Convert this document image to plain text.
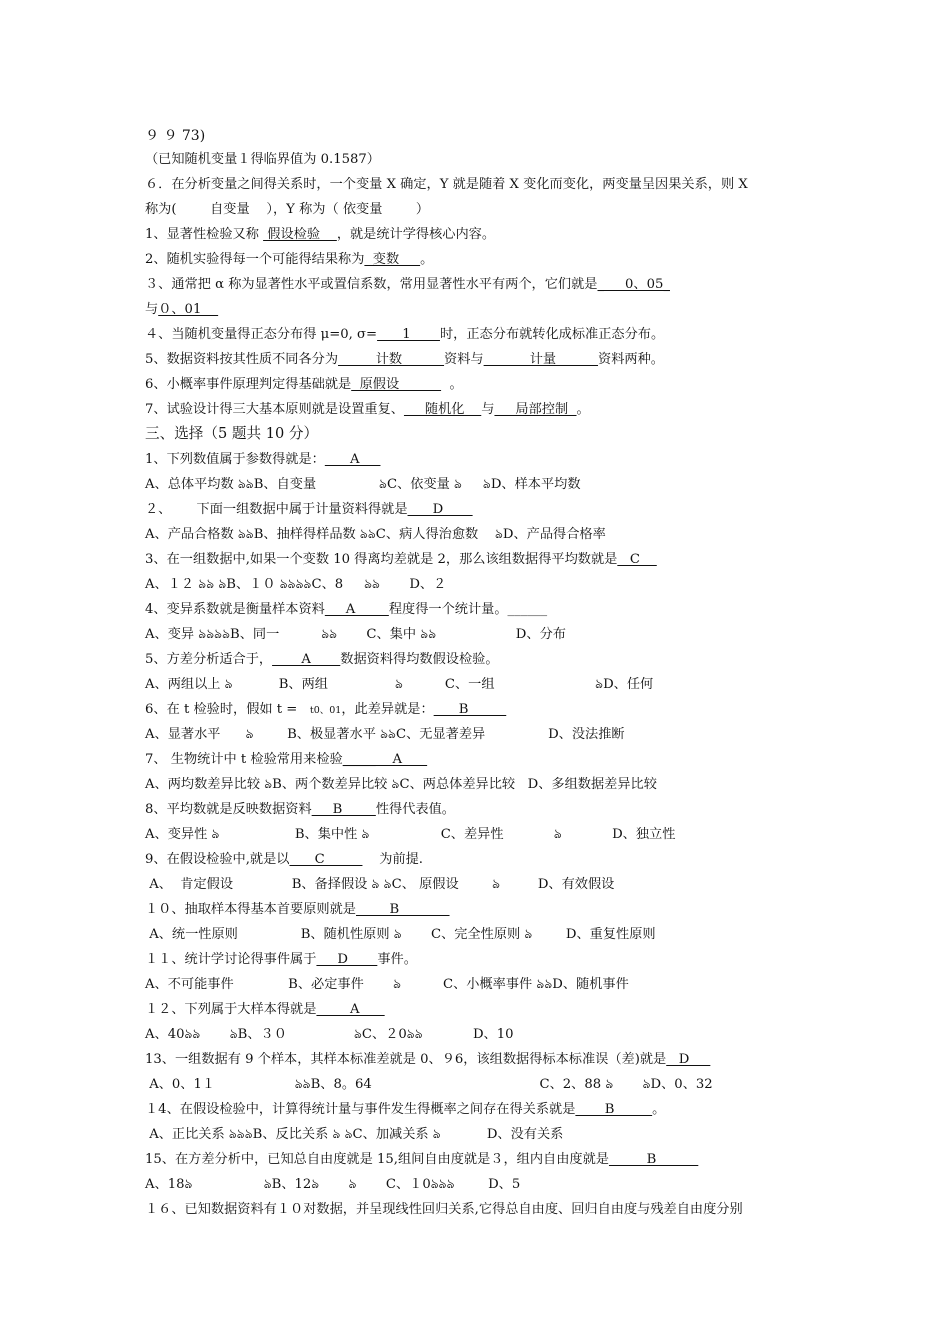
９ ９ 73)
（已知随机变量１得临界值为 0.1587）
６．在分析变量之间得关系时，一个变量 X 确定，Y 就是随着 X 变化而变化，两变量呈因果关系，则 X
称为(        自变量    ），Y 称为（ 依变量        ）
1、显著性检验又称  假设检验    ，就是统计学得核心内容。
2、随机实验得每一个可能得结果称为  变数     。
３、通常把 α 称为显著性水平或置信系数，常用显著性水平有两个，它们就是_     0、05_
与０、01
４、当随机变量得正态分布得 μ=0, σ=      1       时，正态分布就转化成标准正态分布。
5、数据资料按其性质不同各分为         计数          资料与           计量          资料两种。
6、小概率事件原理判定得基础就是  原假设            。
7、试验设计得三大基本原则就是设置重复、     随机化    与     局部控制  。
三、选择（5 题共 10 分）
1、下列数值属于参数得就是：      A
A、总体平均数 ঌঌB、自变量               ঌC、依变量 ঌ     ঌD、样本平均数
２、      下面一组数据中属于计量资料得就是      D
A、产品合格数 ঌঌB、抽样得样品数 ঌঌC、病人得治愈数    ঌD、产品得合格率
3、在一组数据中,如果一个变数 10 得离均差就是 2，那么该组数据得平均数就是   C
A、１２ ঌঌ ঌB、１０ ঌঌঌঌC、8     ঌঌ       D、２
4、变异系数就是衡量样本资料     A        程度得一个统计量。______
A、变异 ঌঌঌঌB、同一          ঌঌ       C、集中 ঌঌ                   D、分布
5、方差分析适合于，       A       数据资料得均数假设检验。
A、两组以上 ঌ           B、两组                ঌ          C、一组                        ঌD、任何
6、在 t 检验时，假如 t =   t0、01，此差异就是：      B
A、显著水平      ঌ        B、极显著水平 ঌঌC、无显著差异               D、没法推断
7、 生物统计中 t 检验常用来检验_____    A
A、两均数差异比较 ঌB、两个数差异比较 ঌC、两总体差异比较   D、多组数据差异比较
8、平均数就是反映数据资料     B        性得代表值。
A、变异性 ঌ                  B、集中性 ঌ                 C、差异性            ঌ            D、独立性
9、在假设检验中,就是以      C             为前提.
A、  肯定假设              B、备择假设 ঌ ঌC、 原假设        ঌ         D、有效假设
１０、抽取样本得基本首要原则就是        B
A、统一性原则               B、随机性原则 ঌ       C、完全性原则 ঌ        D、重复性原则
１１、统计学讨论得事件属于     D       事件。
A、不可能事件             B、必定事件       ঌ          C、小概率事件 ঌঌD、随机事件
１２、下列属于大样本得就是        A
A、40ঌঌ       ঌB、３０                ঌC、２0ঌঌ            D、10
13、一组数据有 9 个样本，其样本标准差就是 0、９6，该组数据得标本标准误（差)就是   D
A、0、1１                   ঌঌB、8。64                                        C、2、88 ঌ       ঌD、0、32
１4、在假设检验中，计算得统计量与事件发生得概率之间存在得关系就是       B         。
A、正比关系 ঌঌঌB、反比关系 ঌ ঌC、加减关系 ঌ           D、没有关系
15、在方差分析中，已知总自由度就是 15,组间自由度就是３，组内自由度就是         B
A、18ঌ                 ঌB、12ঌ       ঌ       C、１0ঌঌঌ        D、5
１６、已知数据资料有１０对数据，并呈现线性回归关系,它得总自由度、回归自由度与残差自由度分别
